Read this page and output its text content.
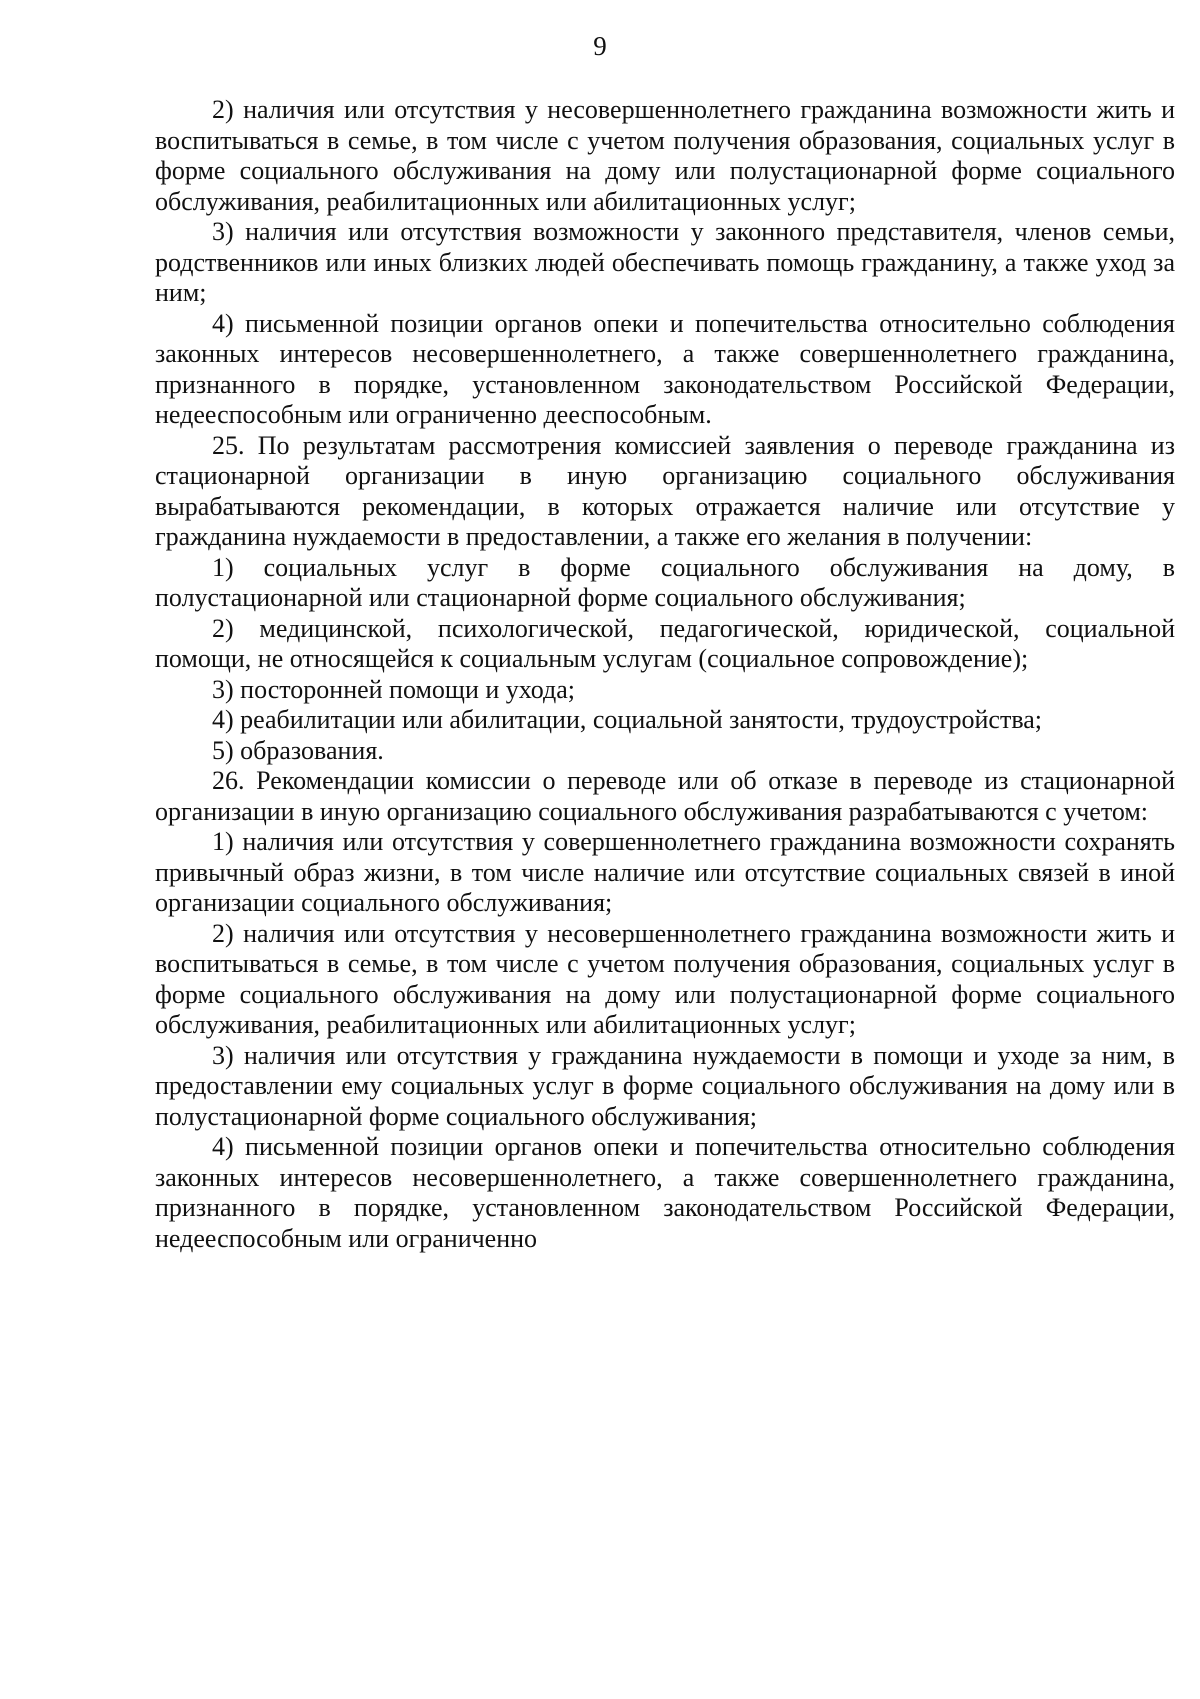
9

2) наличия или отсутствия у несовершеннолетнего гражданина возможности жить и воспитываться в семье, в том числе с учетом получения образования, социальных услуг в форме социального обслуживания на дому или полустационарной форме социального обслуживания, реабилитационных или абилитационных услуг;

3) наличия или отсутствия возможности у законного представителя, членов семьи, родственников или иных близких людей обеспечивать помощь гражданину, а также уход за ним;

4) письменной позиции органов опеки и попечительства относительно соблюдения законных интересов несовершеннолетнего, а также совершеннолетнего гражданина, признанного в порядке, установленном законодательством Российской Федерации, недееспособным или ограниченно дееспособным.

25. По результатам рассмотрения комиссией заявления о переводе гражданина из стационарной организации в иную организацию социального обслуживания вырабатываются рекомендации, в которых отражается наличие или отсутствие у гражданина нуждаемости в предоставлении, а также его желания в получении:

1) социальных услуг в форме социального обслуживания на дому, в полустационарной или стационарной форме социального обслуживания;

2) медицинской, психологической, педагогической, юридической, социальной помощи, не относящейся к социальным услугам (социальное сопровождение);

3) посторонней помощи и ухода;

4) реабилитации или абилитации, социальной занятости, трудоустройства;

5) образования.

26. Рекомендации комиссии о переводе или об отказе в переводе из стационарной организации в иную организацию социального обслуживания разрабатываются с учетом:

1) наличия или отсутствия у совершеннолетнего гражданина возможности сохранять привычный образ жизни, в том числе наличие или отсутствие социальных связей в иной организации социального обслуживания;

2) наличия или отсутствия у несовершеннолетнего гражданина возможности жить и воспитываться в семье, в том числе с учетом получения образования, социальных услуг в форме социального обслуживания на дому или полустационарной форме социального обслуживания, реабилитационных или абилитационных услуг;

3) наличия или отсутствия у гражданина нуждаемости в помощи и уходе за ним, в предоставлении ему социальных услуг в форме социального обслуживания на дому или в полустационарной форме социального обслуживания;

4) письменной позиции органов опеки и попечительства относительно соблюдения законных интересов несовершеннолетнего, а также совершеннолетнего гражданина, признанного в порядке, установленном законодательством Российской Федерации, недееспособным или ограниченно
